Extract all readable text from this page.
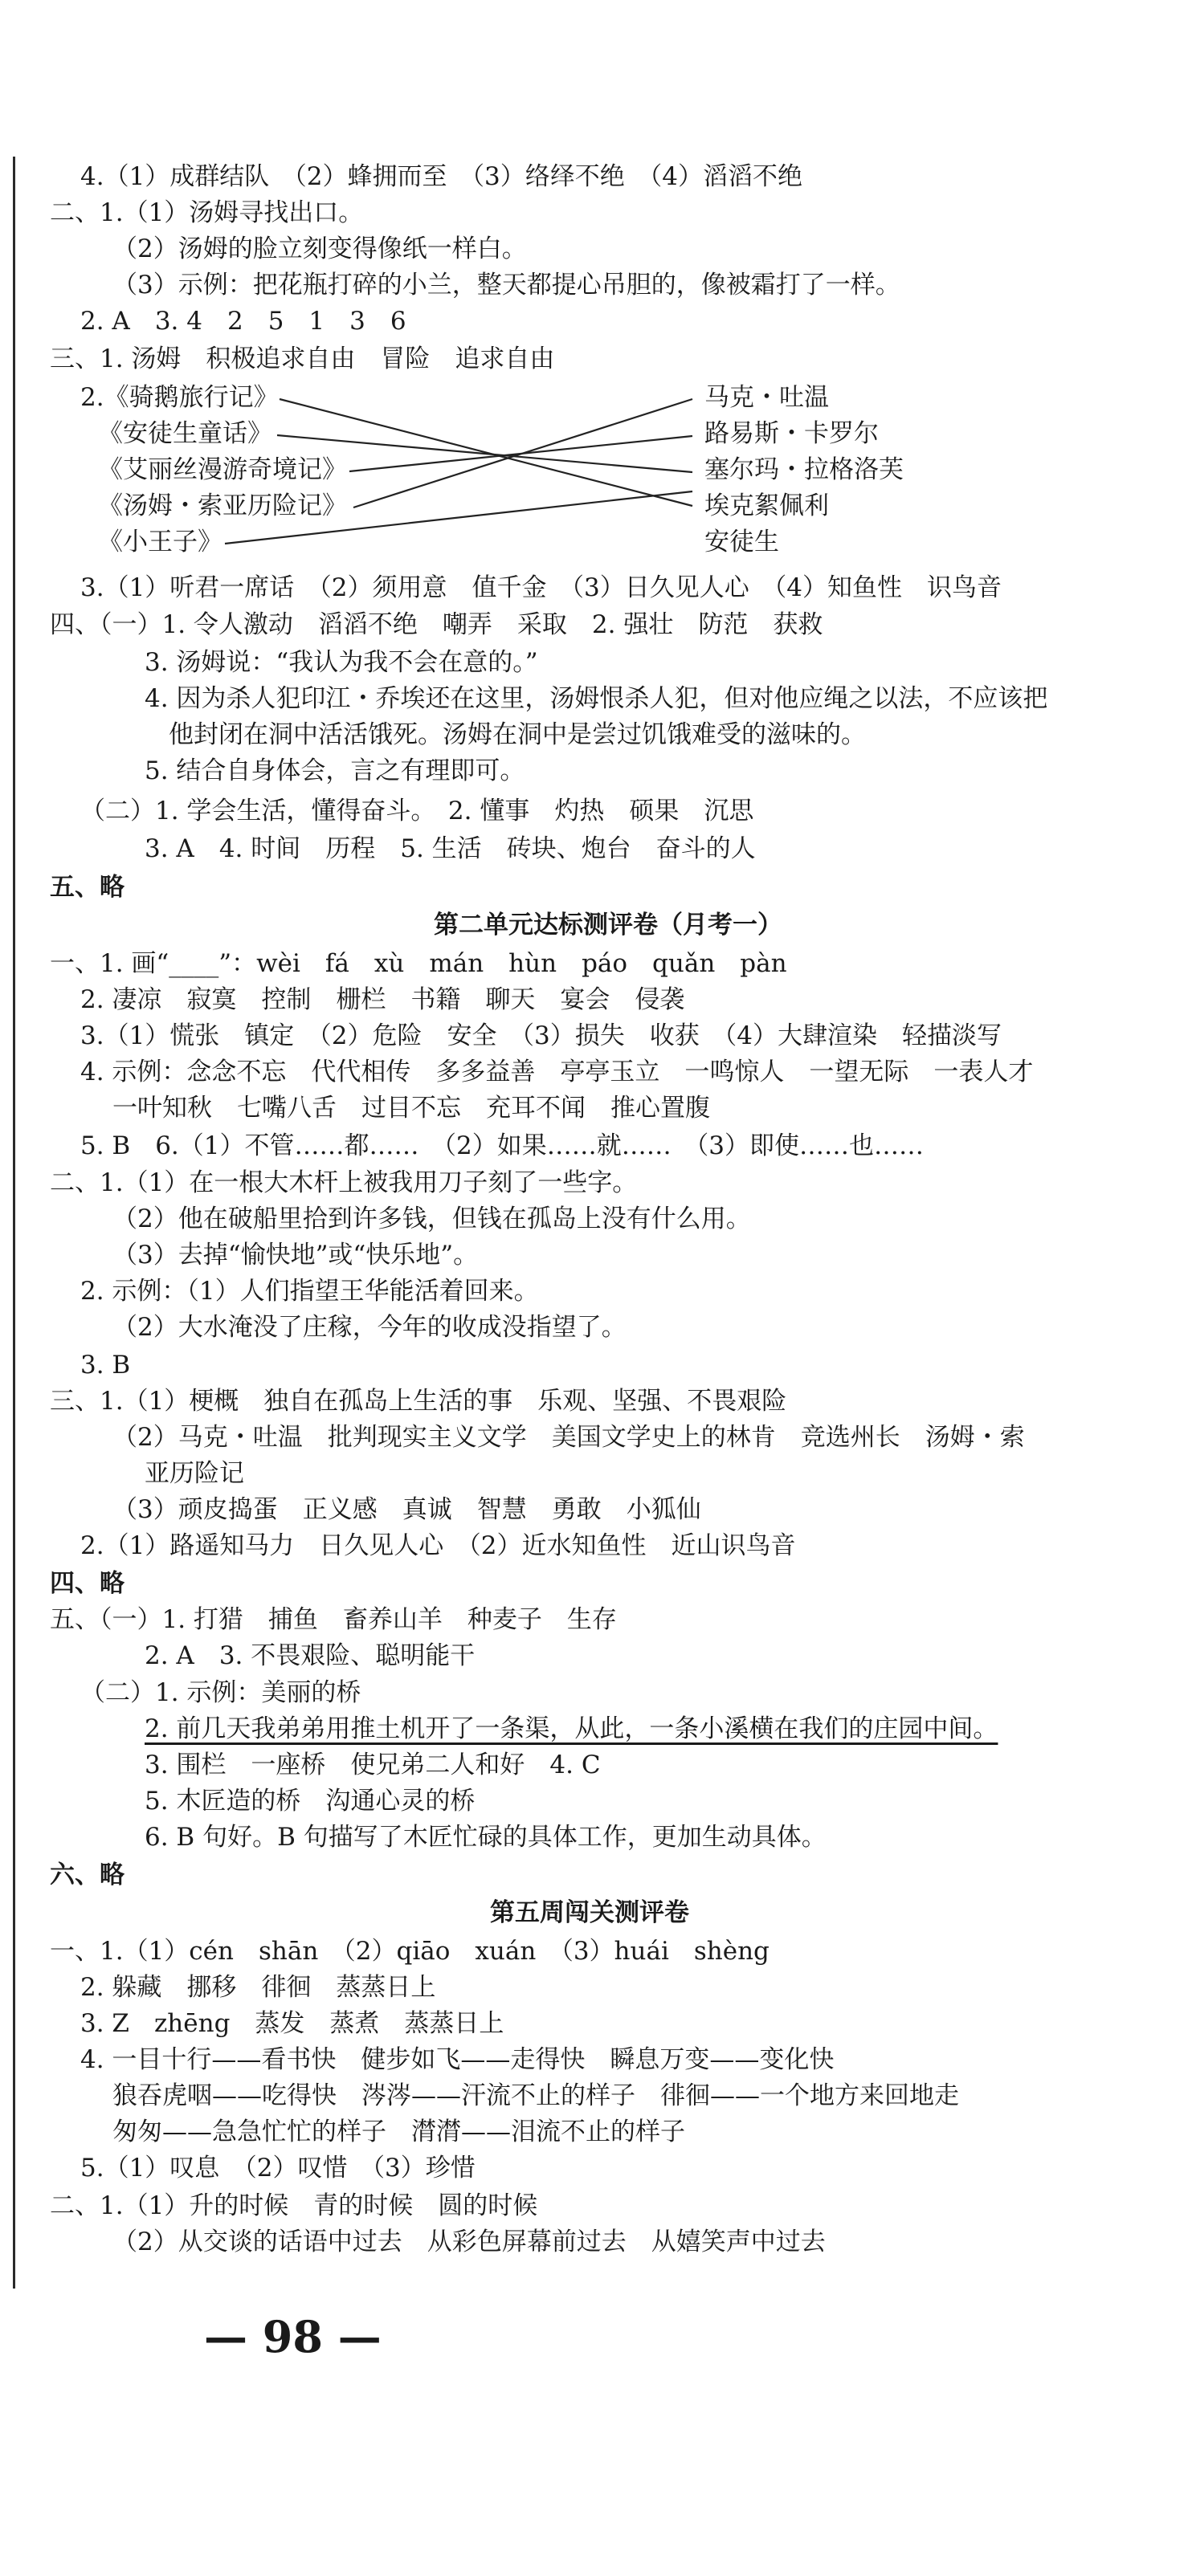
4.（1）成群结队　（2）蜂拥而至　（3）络绎不绝　（4）滔滔不绝
二、1.（1）汤姆寻找出口。
（2）汤姆的脸立刻变得像纸一样白。
（3）示例：把花瓶打碎的小兰，整天都提心吊胆的，像被霜打了一样。
2. A　3. 4　2　5　1　3　6
三、1. 汤姆　积极追求自由　冒险　追求自由
2.《骑鹅旅行记》
《安徒生童话》
《艾丽丝漫游奇境记》
《汤姆・索亚历险记》
《小王子》
马克・吐温
路易斯・卡罗尔
塞尔玛・拉格洛芙
埃克絮佩利
安徒生
3.（1）听君一席话　（2）须用意　值千金　（3）日久见人心　（4）知鱼性　识鸟音
四、（一）1. 令人激动　滔滔不绝　嘲弄　采取　2. 强壮　防范　获救
3. 汤姆说：“我认为我不会在意的。”
4. 因为杀人犯印江・乔埃还在这里，汤姆恨杀人犯，但对他应绳之以法，不应该把
他封闭在洞中活活饿死。汤姆在洞中是尝过饥饿难受的滋味的。
5. 结合自身体会，言之有理即可。
（二）1. 学会生活，懂得奋斗。　2. 懂事　灼热　硕果　沉思
3. A　4. 时间　历程　5. 生活　砖块、炮台　奋斗的人
五、略
第二单元达标测评卷（月考一）
一、1. 画“____”：wèi　fá　xù　mán　hùn　páo　quǎn　pàn
2. 凄凉　寂寞　控制　栅栏　书籍　聊天　宴会　侵袭
3.（1）慌张　镇定　（2）危险　安全　（3）损失　收获　（4）大肆渲染　轻描淡写
4. 示例：念念不忘　代代相传　多多益善　亭亭玉立　一鸣惊人　一望无际　一表人才
一叶知秋　七嘴八舌　过目不忘　充耳不闻　推心置腹
5. B　6.（1）不管……都……　（2）如果……就……　（3）即使……也……
二、1.（1）在一根大木杆上被我用刀子刻了一些字。
（2）他在破船里拾到许多钱，但钱在孤岛上没有什么用。
（3）去掉“愉快地”或“快乐地”。
2. 示例：（1）人们指望王华能活着回来。
（2）大水淹没了庄稼，今年的收成没指望了。
3. B
三、1.（1）梗概　独自在孤岛上生活的事　乐观、坚强、不畏艰险
（2）马克・吐温　批判现实主义文学　美国文学史上的林肯　竞选州长　汤姆・索
亚历险记
（3）顽皮捣蛋　正义感　真诚　智慧　勇敢　小狐仙
2.（1）路遥知马力　日久见人心　（2）近水知鱼性　近山识鸟音
四、略
五、（一）1. 打猎　捕鱼　畜养山羊　种麦子　生存
2. A　3. 不畏艰险、聪明能干
（二）1. 示例：美丽的桥
2. 前几天我弟弟用推土机开了一条渠，从此，一条小溪横在我们的庄园中间。
3. 围栏　一座桥　使兄弟二人和好　4. C
5. 木匠造的桥　沟通心灵的桥
6. B 句好。B 句描写了木匠忙碌的具体工作，更加生动具体。
六、略
第五周闯关测评卷
一、1.（1）cén　shān　（2）qiāo　xuán　（3）huái　shèng
2. 躲藏　挪移　徘徊　蒸蒸日上
3. Z　zhēng　蒸发　蒸煮　蒸蒸日上
4. 一目十行——看书快　健步如飞——走得快　瞬息万变——变化快
狼吞虎咽——吃得快　涔涔——汗流不止的样子　徘徊——一个地方来回地走
匆匆——急急忙忙的样子　潸潸——泪流不止的样子
5.（1）叹息　（2）叹惜　（3）珍惜
二、1.（1）升的时候　青的时候　圆的时候
（2）从交谈的话语中过去　从彩色屏幕前过去　从嬉笑声中过去
— 98 —
